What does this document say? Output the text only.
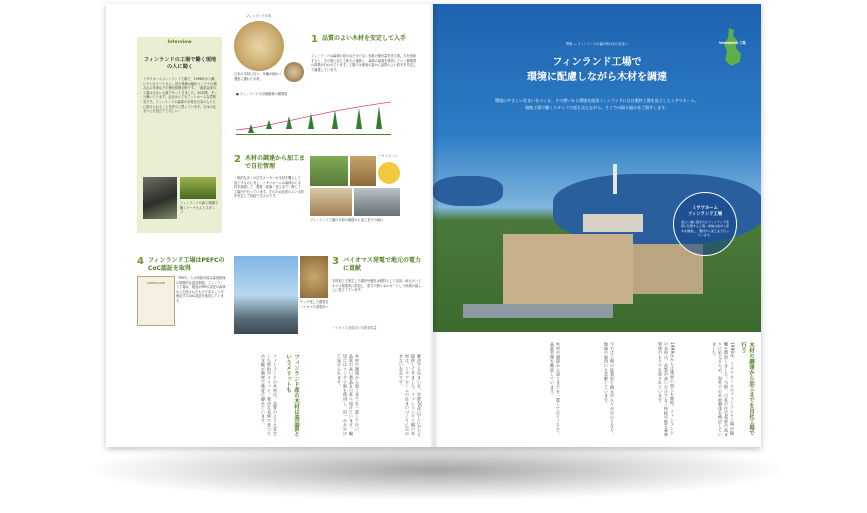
Interview
フィンランドの工場で働く現地の人に聞く
ミサワホームフィンランド工場で、1996年から働いているリーナさん。担当業務は輸出コンテナの積み込み作業などの梱包管理全般です。「創業以来の工場は少ない人数でやってきました。20年間、ずっと働いています。会社はとてもアットホームな雰囲気です。フィンランドの森林の木材を日本の人たちに届けられることを誇りに思っています。日本の住まいにも役立ててほしい」
フィンランドの森と現場で働くリーナさんとスタッフ
フィンランドの木
日本の木材に比べ、年輪が細かく強度に優れた木材。
1 品質のよい木材を安定して入手
フィンランドは森林が豊かなだけでなく有数の保有量を誇る国。木を伐採すると、その数に応じて新たに植林し、森林の資源を維持していく循環型の林業が行われています。工場では地域の森から品質のよい原木を安定して調達しています。
● フィンランドの計画植林の循環図
2 木材の調達から加工まで自社管理
一般的な多くの住宅メーカーが木材を購入して加工するのに対し、ミサワホームは森林から木材を調達して、製材・乾燥・加工まで一貫して工場内で行っています。そのため品質のよい木材を安定して供給できるのです。
ミサワホーム
フィンランド工場の木材の調達から加工までの流れ
4 フィンランド工場はPEFCのCoC認証を取得
CERTIFICATE
「PEFC」とは持続可能な森林管理の国際的な認証制度。フィンランド工場は、製品がPEFC認証の森林から生産されたものであることを保証するCoC認証を取得しています。	チップ化した端材をバイオマス発電所へ
3 バイオマス発電で地元の電力に貢献
木材加工で発生した端材や樹皮は燃料として活用。地元のバイオマス発電所に供給し、電力や熱エネルギーとして地域の暮らしに役立てています。
バイオマス発電所の年間発電量
解決する住まいを、実際20年以上にわたり提供してきました。フィンランド工場の木材は、ミサワホームの住まいづくりに欠かせない存在です。
木材の調達から加工までを一貫して行い、品質の高い製品を日本へ届けています。輸送にはコンテナ船を使用し、約一か月かけて届けられます。
フィンランド産の木材は高品質というメリットも
フィンランドの木材は、品質のよさと安定した供給がメリット。寒冷な気候で育つため年輪が緻密で強度に優れています。
特集 ― フィンランドの森が育む木の住まい
フィンランド工場で
環境に配慮しながら木材を調達
環境にやさしい住まいをつくる、その想いから環境先進国フィンランドに自社製材工場を設立したミサワホーム。
現地工場で働くスタッフの話も交えながら、そこでの取り組みをご紹介します。
Vehkalahti 工場
ミサワホーム
フィンランド工場
美しい湖に囲まれたフィンランド東部に位置する工場。地域の森から原木を調達し、製材から加工まで行っています。
木材の調達から加工までを自社工場で行う
1990年、ミサワホームのフィンランド工場が稼働を開始しました。当時、日本の住宅需要の高まりに応えるため、海外での木材調達を検討していました。
1999年からは建材の加工も開始。フィンランドの木材は、品質が高いだけでなく持続可能な森林管理のもとで生産されています。
今では工場の従業員も地元の人々が中心となり、地域の雇用にも貢献しています。
木材の調達から加工までを一貫して行うことで、品質管理を徹底しています。
